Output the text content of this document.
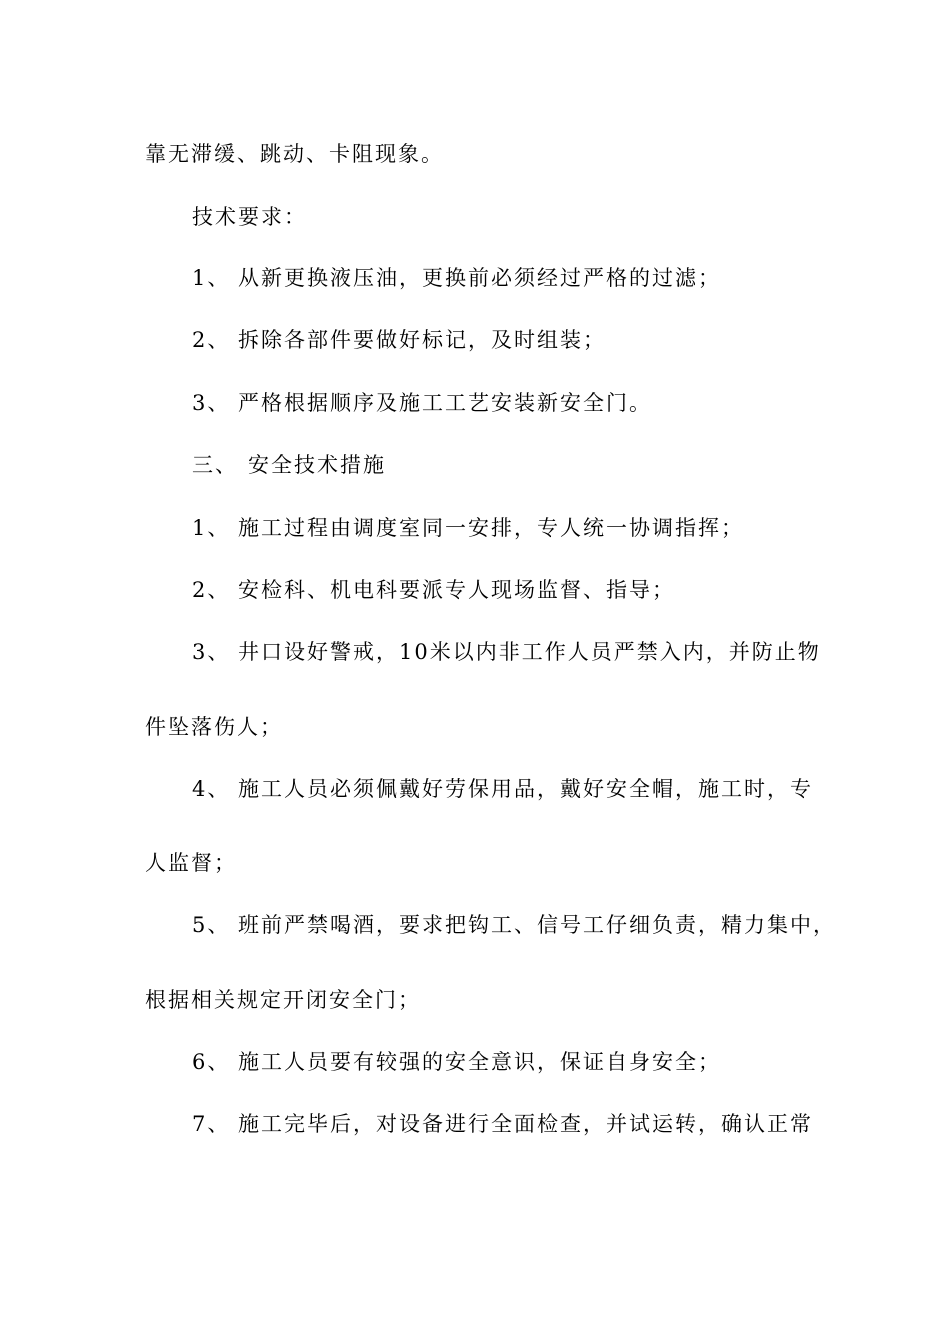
靠无滞缓、跳动、卡阻现象。
技术要求：
1、 从新更换液压油，更换前必须经过严格的过滤；
2、 拆除各部件要做好标记，及时组装；
3、 严格根据顺序及施工工艺安装新安全门。
三、 安全技术措施
1、 施工过程由调度室同一安排，专人统一协调指挥；
2、 安检科、机电科要派专人现场监督、指导；
3、 井口设好警戒，10米以内非工作人员严禁入内，并防止物
件坠落伤人；
4、 施工人员必须佩戴好劳保用品，戴好安全帽，施工时，专
人监督；
5、 班前严禁喝酒，要求把钩工、信号工仔细负责，精力集中，
根据相关规定开闭安全门；
6、 施工人员要有较强的安全意识，保证自身安全；
7、 施工完毕后，对设备进行全面检查，并试运转，确认正常
